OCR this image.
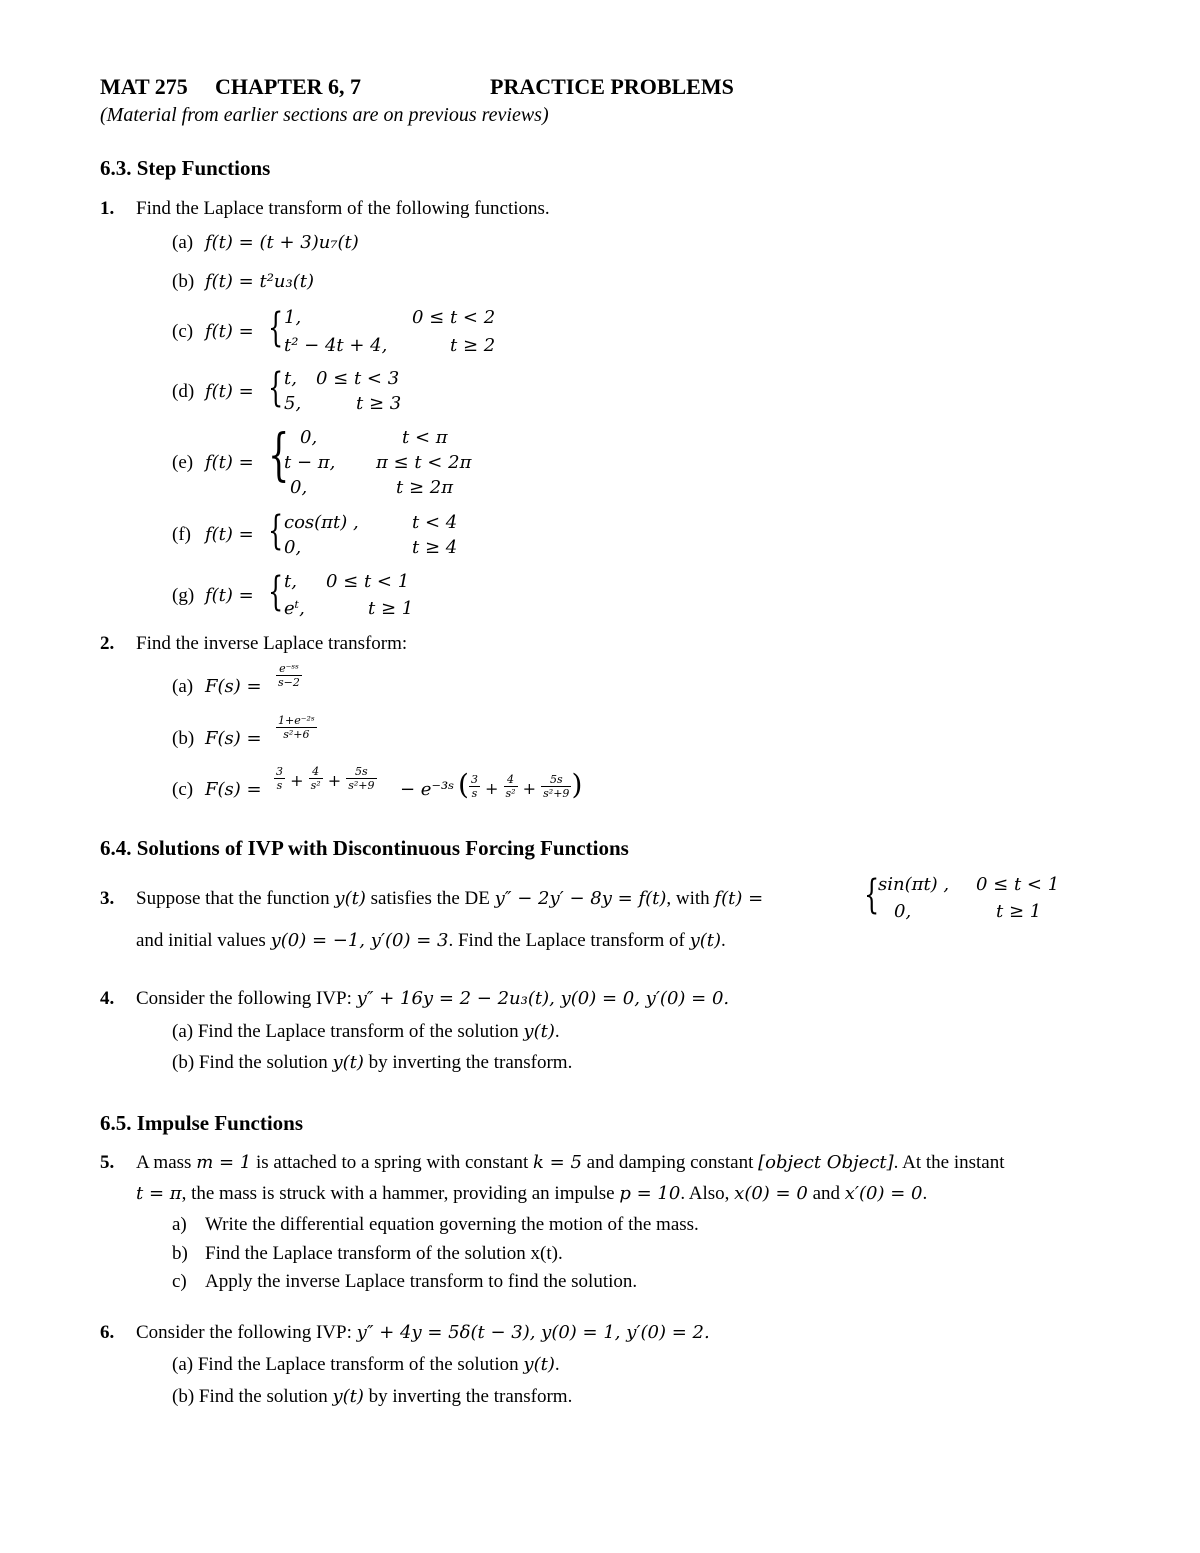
MAT 275 CHAPTER 6, 7	PRACTICE PROBLEMS
(Material from earlier sections are on previous reviews)
6.3. Step Functions
1. Find the Laplace transform of the following functions.
(a) f(t) = (t + 3)u₇(t)
(b) f(t) = t²u₃(t)
(c) f(t) = { 1,	0 ≤ t < 2
t² − 4t + 4,	t ≥ 2
(d) f(t) = { t, 0 ≤ t < 3
5,	t ≥ 3
(e) f(t) = { 0,	t < π
t − π, π ≤ t < 2π
0,	t ≥ 2π
(f) f(t) = { cos(πt) ,	t < 4
0,	t ≥ 4
(g) f(t) = { t, 0 ≤ t < 1
eᵗ,	t ≥ 1
2. Find the inverse Laplace transform:
(a) $F(s) = \frac{\text{e⁻ˢˢ}}{s-2}$
(b) $F(s) = \frac{\text{1+e⁻²ˢ}}{\text{s²+6}}$
(c) $F(s) = \frac{3}{s} + \frac{4}{\text{s²}} + \frac{5s}{\text{s²+9}}$ − e⁻³ˢ ( $\frac{3}{s} + \frac{4}{\text{s²}} + \frac{5s}{\text{s²+9}}$ )
6.4. Solutions of IVP with Discontinuous Forcing Functions
3. Suppose that the function y(t) satisfies the DE y″ − 2y′ − 8y = f(t), with f(t) =	{
sin(πt) , 0 ≤ t < 1
0,	t ≥ 1
and initial values y(0) = −1, y′(0) = 3. Find the Laplace transform of y(t).
4. Consider the following IVP: y″ + 16y = 2 − 2u₃(t), y(0) = 0, y′(0) = 0.
(a) Find the Laplace transform of the solution y(t).
(b) Find the solution y(t) by inverting the transform.
6.5. Impulse Functions
5. A mass m = 1 is attached to a spring with constant k = 5 and damping constant [object Object]. At the instant
t = π, the mass is struck with a hammer, providing an impulse p = 10. Also, x(0) = 0 and x′(0) = 0.
a) Write the differential equation governing the motion of the mass.
b) Find the Laplace transform of the solution x(t).
c) Apply the inverse Laplace transform to find the solution.
6. Consider the following IVP: y″ + 4y = 5δ(t − 3), y(0) = 1, y′(0) = 2.
(a) Find the Laplace transform of the solution y(t).
(b) Find the solution y(t) by inverting the transform.
